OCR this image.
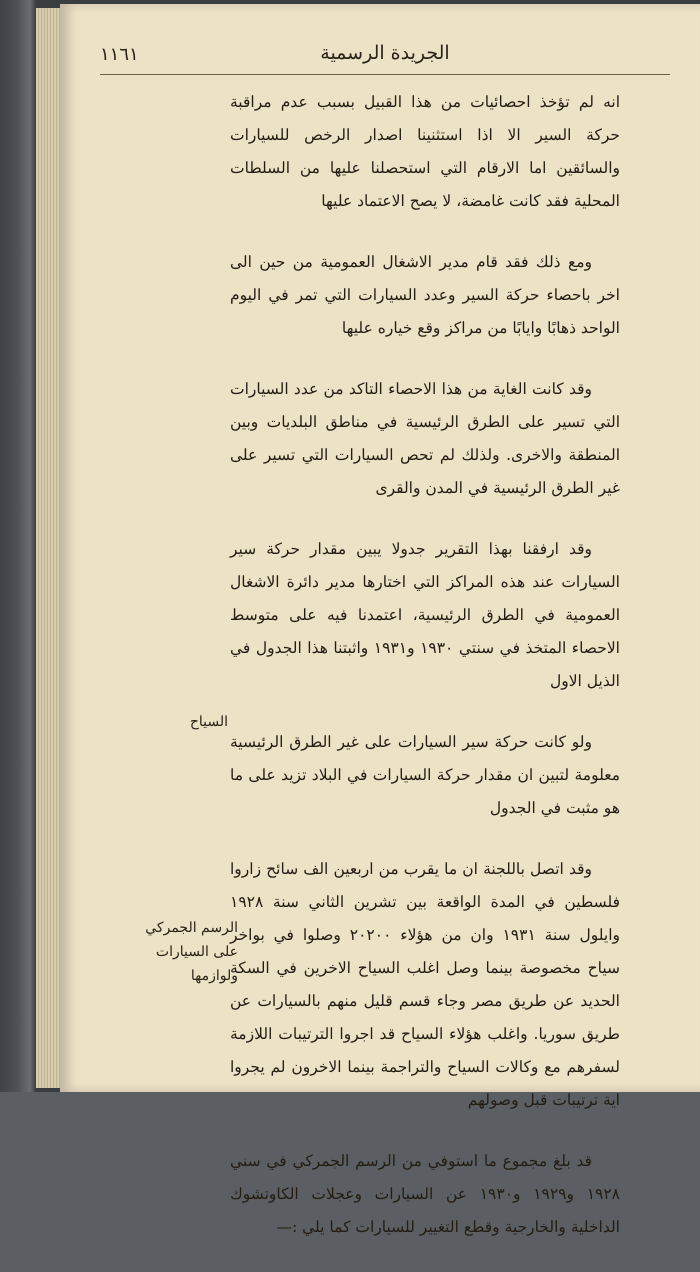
الجريدة الرسمية
١١٦١

انه لم تؤخذ احصائيات من هذا القبيل بسبب عدم مراقبة حركة السير الا اذا استثنينا اصدار الرخص للسيارات والسائقين اما الارقام التي استحصلنا عليها من السلطات المحلية فقد كانت غامضة، لا يصح الاعتماد عليها

ومع ذلك فقد قام مدير الاشغال العمومية من حين الى اخر باحصاء حركة السير وعدد السيارات التي تمر في اليوم الواحد ذهابًا وايابًا من مراكز وقع خياره عليها

وقد كانت الغاية من هذا الاحصاء التاكد من عدد السيارات التي تسير على الطرق الرئيسية في مناطق البلديات وبين المنطقة والاخرى. ولذلك لم تحص السيارات التي تسير على غير الطرق الرئيسية في المدن والقرى

وقد ارفقنا بهذا التقرير جدولا يبين مقدار حركة سير السيارات عند هذه المراكز التي اختارها مدير دائرة الاشغال العمومية في الطرق الرئيسية، اعتمدنا فيه على متوسط الاحصاء المتخذ في سنتي ١٩٣٠ و١٩٣١ واثبتنا هذا الجدول في الذيل الاول

ولو كانت حركة سير السيارات على غير الطرق الرئيسية معلومة لتبين ان مقدار حركة السيارات في البلاد تزيد على ما هو مثبت في الجدول

وقد اتصل باللجنة ان ما يقرب من اربعين الف سائح زاروا فلسطين في المدة الواقعة بين تشرين الثاني سنة ١٩٢٨ وايلول سنة ١٩٣١ وان من هؤلاء ٢٠٢٠٠ وصلوا في بواخر سياح مخصوصة بينما وصل اغلب السياح الاخرين في السكة الحديد عن طريق مصر وجاء قسم قليل منهم بالسيارات عن طريق سوريا. واغلب هؤلاء السياح قد اجروا الترتيبات اللازمة لسفرهم مع وكالات السياح والتراجمة بينما الاخرون لم يجروا اية ترتيبات قبل وصولهم

قد بلغ مجموع ما استوفي من الرسم الجمركي في سني ١٩٢٨ و١٩٢٩ و١٩٣٠ عن السيارات وعجلات الكاوتشوك الداخلية والخارجية وقطع التغيير للسيارات كما يلي :—

السياح
الرسم الجمركي على السيارات ولوازمها
